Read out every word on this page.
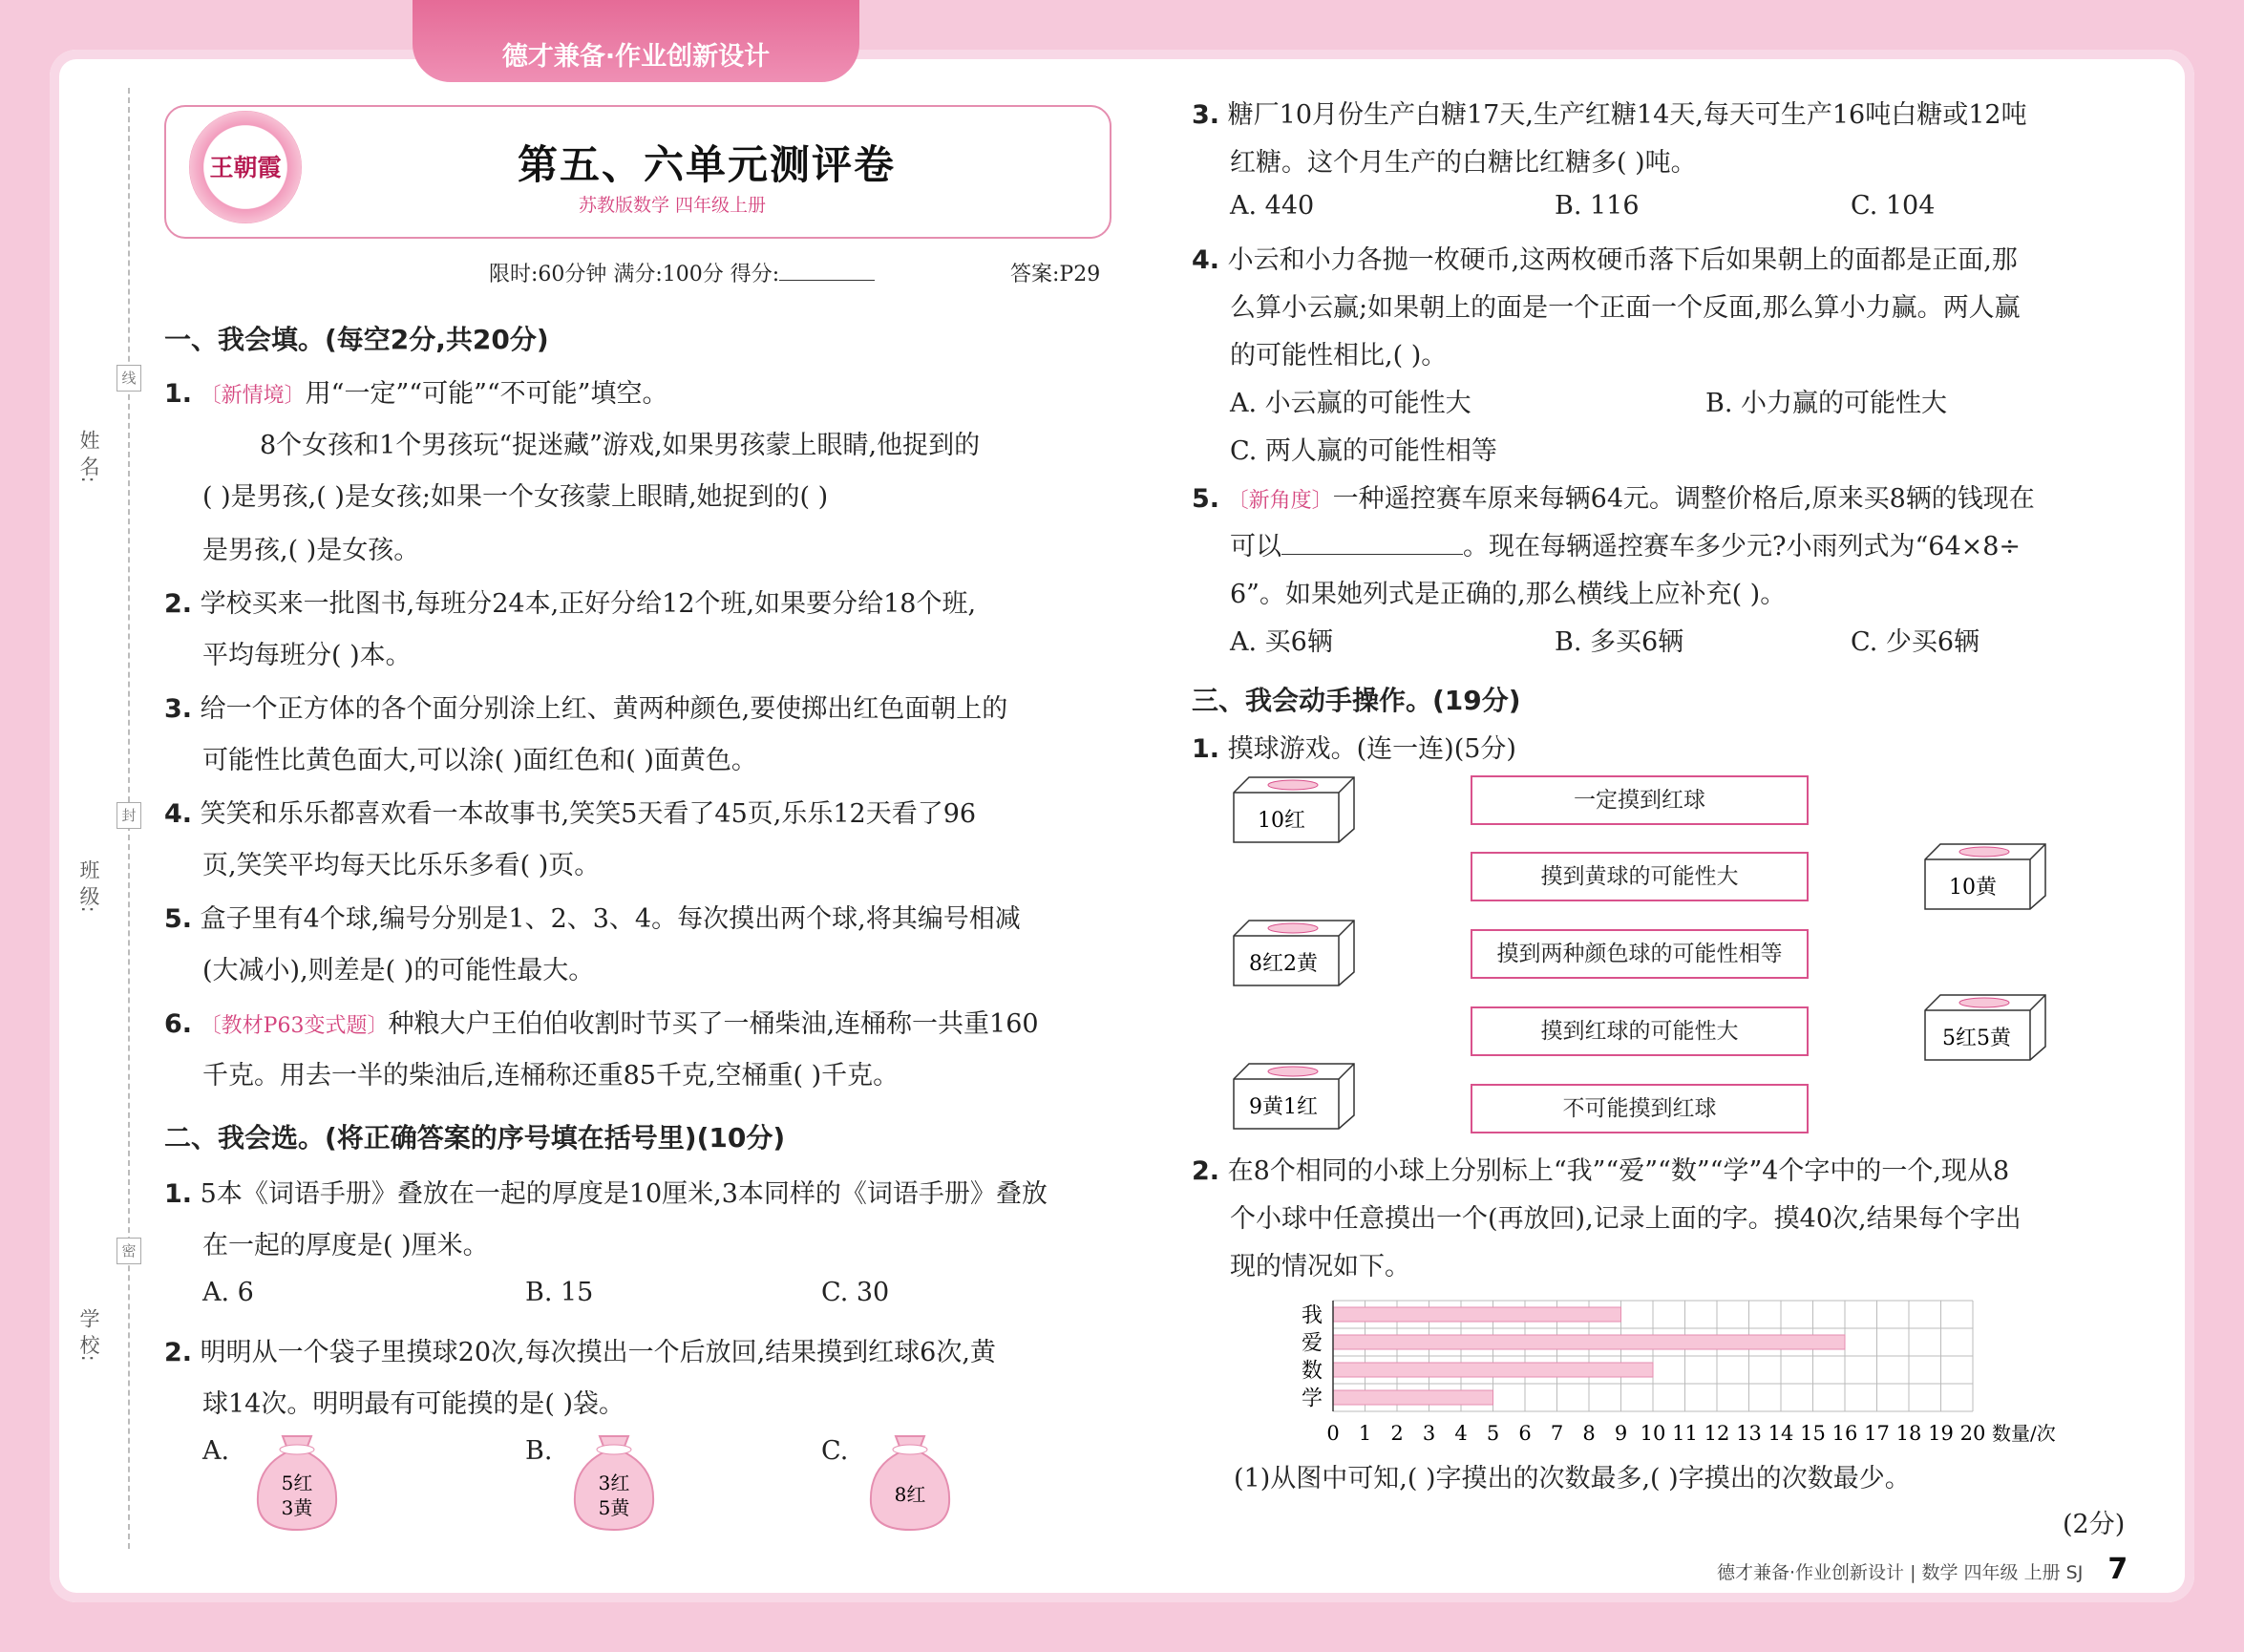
德才兼备·作业创新设计
线
封
密
姓 名:
班 级:
学 校:
王朝霞	第五、六单元测评卷
苏教版数学 四年级上册
限时:60分钟 满分:100分 得分:	答案:P29
一、我会填。(每空2分,共20分)
1. 〔新情境〕用“一定”“可能”“不可能”填空。
8个女孩和1个男孩玩“捉迷藏”游戏,如果男孩蒙上眼睛,他捉到的
( )是男孩,( )是女孩;如果一个女孩蒙上眼睛,她捉到的( )
是男孩,( )是女孩。
2. 学校买来一批图书,每班分24本,正好分给12个班,如果要分给18个班,
平均每班分( )本。
3. 给一个正方体的各个面分别涂上红、黄两种颜色,要使掷出红色面朝上的
可能性比黄色面大,可以涂( )面红色和( )面黄色。
4. 笑笑和乐乐都喜欢看一本故事书,笑笑5天看了45页,乐乐12天看了96
页,笑笑平均每天比乐乐多看( )页。
5. 盒子里有4个球,编号分别是1、2、3、4。每次摸出两个球,将其编号相减
(大减小),则差是( )的可能性最大。
6. 〔教材P63变式题〕种粮大户王伯伯收割时节买了一桶柴油,连桶称一共重160
千克。用去一半的柴油后,连桶称还重85千克,空桶重( )千克。
二、我会选。(将正确答案的序号填在括号里)(10分)
1. 5本《词语手册》叠放在一起的厚度是10厘米,3本同样的《词语手册》叠放
在一起的厚度是( )厘米。
A. 6	B. 15	C. 30
2. 明明从一个袋子里摸球20次,每次摸出一个后放回,结果摸到红球6次,黄
球14次。明明最有可能摸的是( )袋。
A.	B.	C.
5红
3黄
3红
5黄
8红
3. 糖厂10月份生产白糖17天,生产红糖14天,每天可生产16吨白糖或12吨
红糖。这个月生产的白糖比红糖多( )吨。
A. 440	B. 116	C. 104
4. 小云和小力各抛一枚硬币,这两枚硬币落下后如果朝上的面都是正面,那
么算小云赢;如果朝上的面是一个正面一个反面,那么算小力赢。两人赢
的可能性相比,( )。
A. 小云赢的可能性大	B. 小力赢的可能性大
C. 两人赢的可能性相等
5. 〔新角度〕一种遥控赛车原来每辆64元。调整价格后,原来买8辆的钱现在
可以	。现在每辆遥控赛车多少元?小雨列式为“64×8÷
6”。如果她列式是正确的,那么横线上应补充( )。
A. 买6辆	B. 多买6辆	C. 少买6辆
三、我会动手操作。(19分)
1. 摸球游戏。(连一连)(5分)
10红
8红2黄
9黄1红
10黄
5红5黄
一定摸到红球
摸到黄球的可能性大
摸到两种颜色球的可能性相等
摸到红球的可能性大
不可能摸到红球
2. 在8个相同的小球上分别标上“我”“爱”“数”“学”4个字中的一个,现从8
个小球中任意摸出一个(再放回),记录上面的字。摸40次,结果每个字出
现的情况如下。
我
爱
数
学
0 1 2 3 4 5 6 7 8 9 10 11 12 13 14 15 16 17 18 19 20 数量/次
(1)从图中可知,( )字摸出的次数最多,( )字摸出的次数最少。
(2分)
德才兼备·作业创新设计 | 数学 四年级 上册 SJ 7
